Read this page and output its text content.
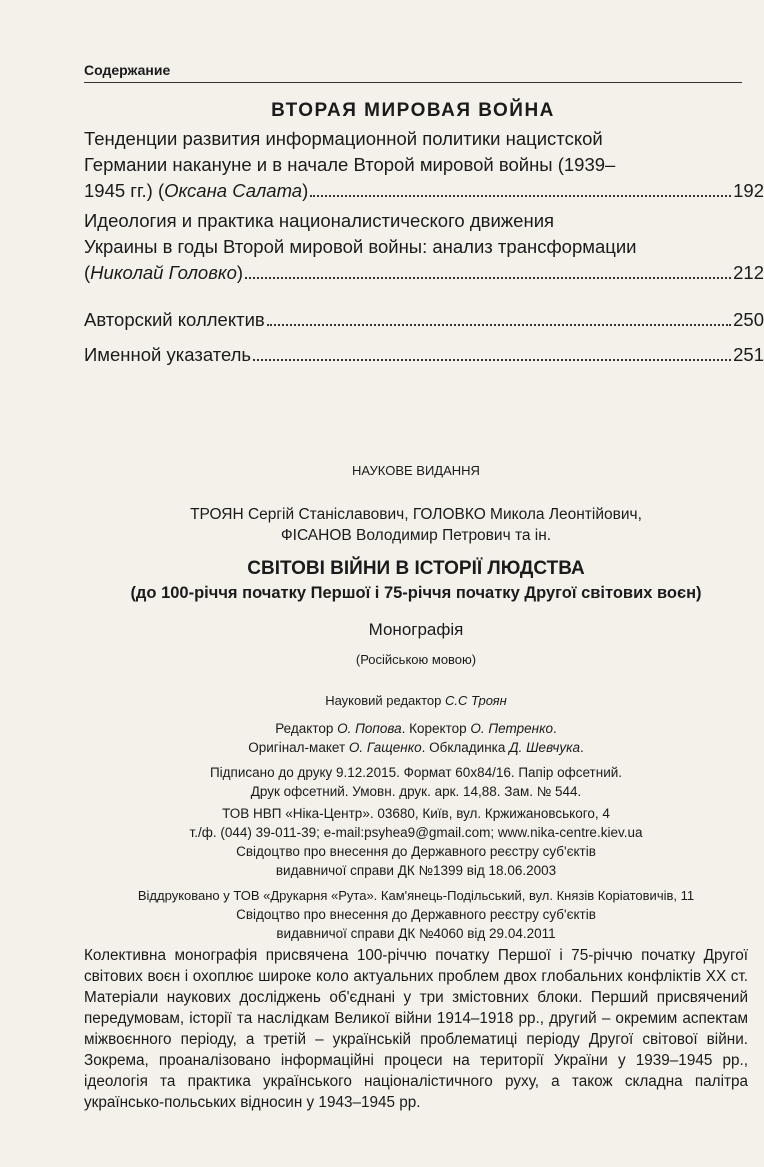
Содержание
ВТОРАЯ МИРОВАЯ ВОЙНА
Тенденции развития информационной политики нацистской
Германии накануне и в начале Второй мировой войны (1939–
1945 гг.) ( Оксана Салата )	192
Идеология и практика националистического движения
Украины в годы Второй мировой войны: анализ трансформации
( Николай Головко )	212
Авторский коллектив	250
Именной указатель	251
НАУКОВЕ ВИДАННЯ
ТРОЯН Сергій Станіславович, ГОЛОВКО Микола Леонтійович,
ФІСАНОВ Володимир Петрович та ін.
СВІТОВІ ВІЙНИ В ІСТОРІЇ ЛЮДСТВА
(до 100-річчя початку Першої і 75-річчя початку Другої світових воєн)
Монографія
(Російською мовою)
Науковий редактор С.С Троян
Редактор О. Попова. Коректор О. Петренко.
Оригінал-макет О. Гащенко. Обкладинка Д. Шевчука.
Підписано до друку 9.12.2015. Формат 60x84/16. Папір офсетний.
Друк офсетний. Умовн. друк. арк. 14,88. Зам. № 544.
ТОВ НВП «Ніка-Центр». 03680, Київ, вул. Кржижановського, 4
т./ф. (044) 39-011-39; e-mail:psyhea9@gmail.com; www.nika-centre.kiev.ua
Свідоцтво про внесення до Державного реєстру суб'єктів
видавничої справи ДК №1399 від 18.06.2003
Віддруковано у ТОВ «Друкарня «Рута». Кам'янець-Подільський, вул. Князів Коріатовичів, 11
Свідоцтво про внесення до Державного реєстру суб'єктів
видавничої справи ДК №4060 від 29.04.2011

Колективна монографія присвячена 100-річчю початку Першої і 75-річчю початку Другої світових воєн і охоплює широке коло актуальних проблем двох глобальних конфліктів XX ст. Матеріали наукових досліджень об'єднані у три змістовних блоки. Перший присвячений передумовам, історії та наслідкам Великої війни 1914–1918 рр., другий – окремим аспектам міжвоєнного періоду, а третій – українській проблематиці періоду Другої світової війни. Зокрема, проаналізовано інформаційні процеси на території України у 1939–1945 рр., ідеологія та практика українського націоналістичного руху, а також складна палітра українсько-польських відносин у 1943–1945 рр.
